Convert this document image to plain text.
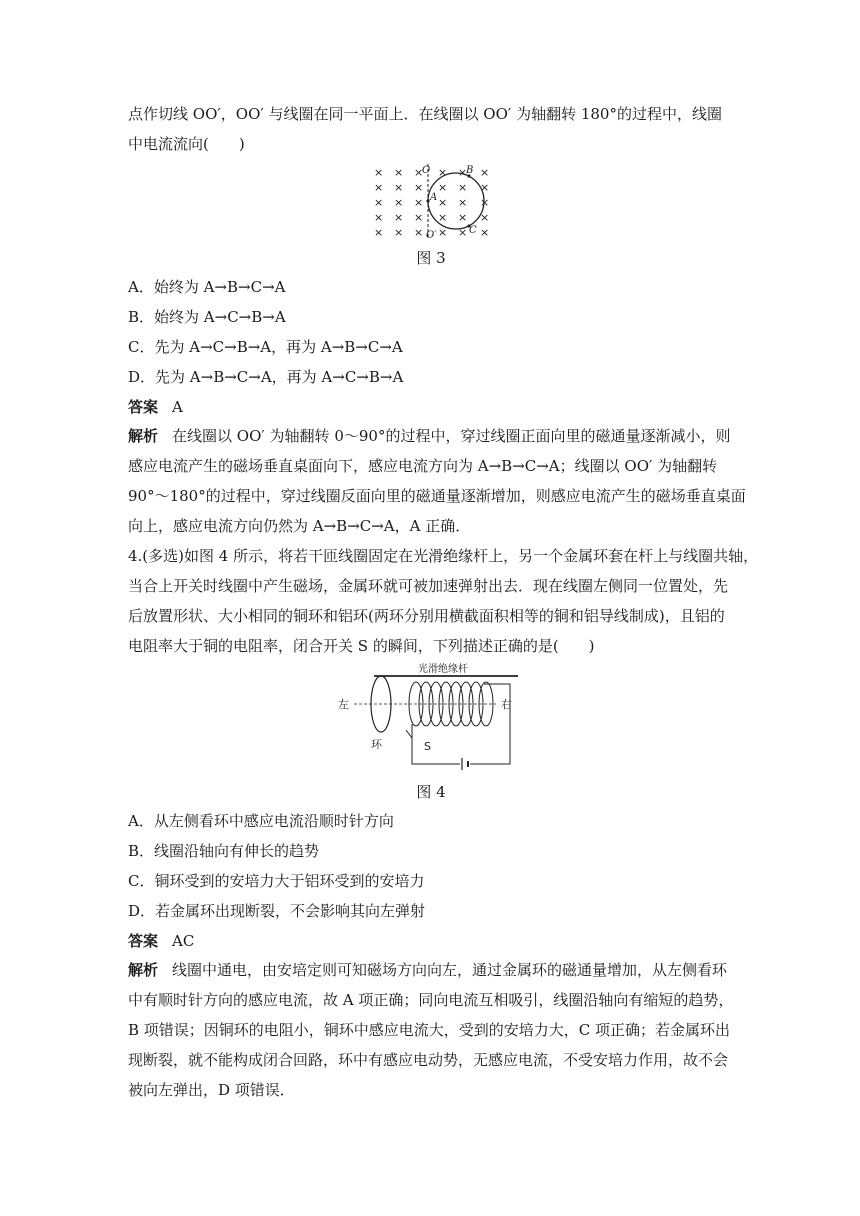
点作切线 OO′，OO′ 与线圈在同一平面上．在线圈以 OO′ 为轴翻转 180°的过程中，线圈
中电流流向(　　)
× × × × × ×
× × × × × ×
× × × × × ×
× × × × × ×
× × × × × ×
O
O′
A
B
C
图 3
A．始终为 A→B→C→A
B．始终为 A→C→B→A
C．先为 A→C→B→A，再为 A→B→C→A
D．先为 A→B→C→A，再为 A→C→B→A
答案 A
解析 在线圈以 OO′ 为轴翻转 0～90°的过程中，穿过线圈正面向里的磁通量逐渐减小，则
感应电流产生的磁场垂直桌面向下，感应电流方向为 A→B→C→A；线圈以 OO′ 为轴翻转
90°～180°的过程中，穿过线圈反面向里的磁通量逐渐增加，则感应电流产生的磁场垂直桌面
向上，感应电流方向仍然为 A→B→C→A，A 正确．
4.(多选)如图 4 所示，将若干匝线圈固定在光滑绝缘杆上，另一个金属环套在杆上与线圈共轴，
当合上开关时线圈中产生磁场，金属环就可被加速弹射出去．现在线圈左侧同一位置处，先
后放置形状、大小相同的铜环和铝环(两环分别用横截面积相等的铜和铝导线制成)，且铝的
电阻率大于铜的电阻率，闭合开关 S 的瞬间，下列描述正确的是(　　)
光滑绝缘杆
左	右
环	S
图 4
A．从左侧看环中感应电流沿顺时针方向
B．线圈沿轴向有伸长的趋势
C．铜环受到的安培力大于铝环受到的安培力
D．若金属环出现断裂，不会影响其向左弹射
答案 AC
解析 线圈中通电，由安培定则可知磁场方向向左，通过金属环的磁通量增加，从左侧看环
中有顺时针方向的感应电流，故 A 项正确；同向电流互相吸引，线圈沿轴向有缩短的趋势，
B 项错误；因铜环的电阻小，铜环中感应电流大，受到的安培力大，C 项正确；若金属环出
现断裂，就不能构成闭合回路，环中有感应电动势，无感应电流，不受安培力作用，故不会
被向左弹出，D 项错误．
